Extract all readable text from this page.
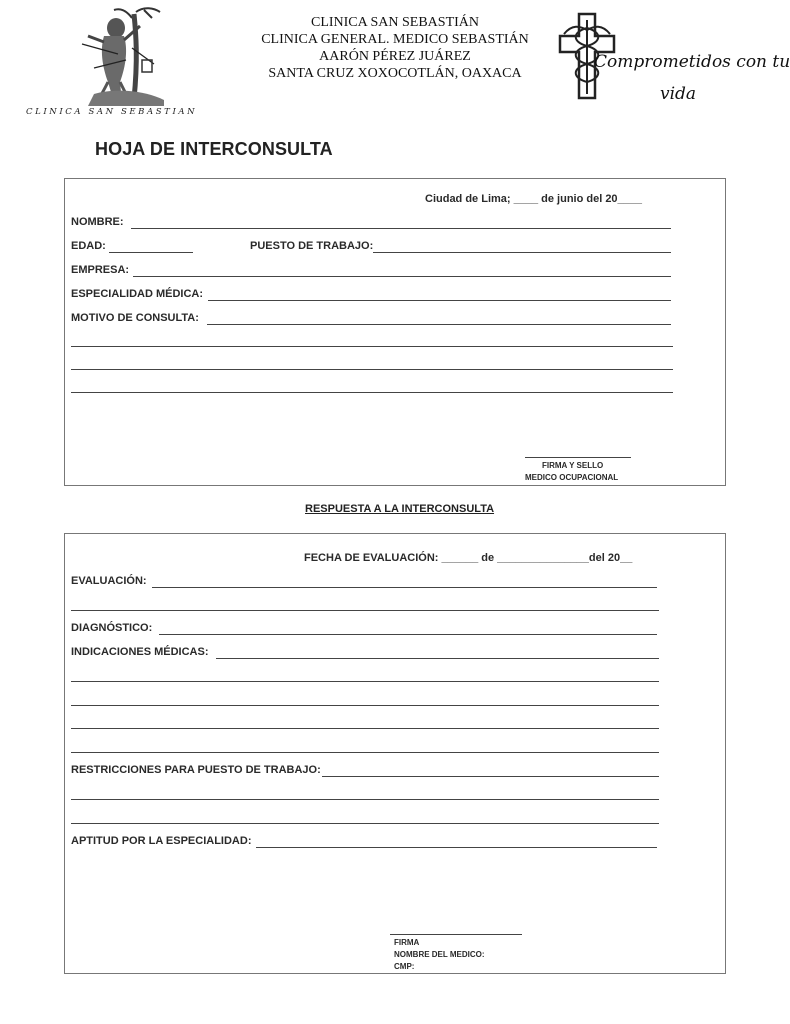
CLINICA SAN SEBASTIAN
CLINICA SAN SEBASTIÁN
CLINICA GENERAL. MEDICO SEBASTIÁN
AARÓN PÉREZ JUÁREZ
SANTA CRUZ XOXOCOTLÁN, OAXACA
Comprometidos con tu
vida
HOJA DE INTERCONSULTA
Ciudad de Lima; ____ de junio del 20____
NOMBRE:
EDAD:	PUESTO DE TRABAJO:
EMPRESA:
ESPECIALIDAD MÉDICA:
MOTIVO DE CONSULTA:
FIRMA Y SELLO
MEDICO OCUPACIONAL
RESPUESTA A LA INTERCONSULTA
FECHA DE EVALUACIÓN: ______ de _______________del 20__
EVALUACIÓN:
DIAGNÓSTICO:
INDICACIONES MÉDICAS:
RESTRICCIONES PARA PUESTO DE TRABAJO:
APTITUD POR LA ESPECIALIDAD:
FIRMA
NOMBRE DEL MEDICO:
CMP:
